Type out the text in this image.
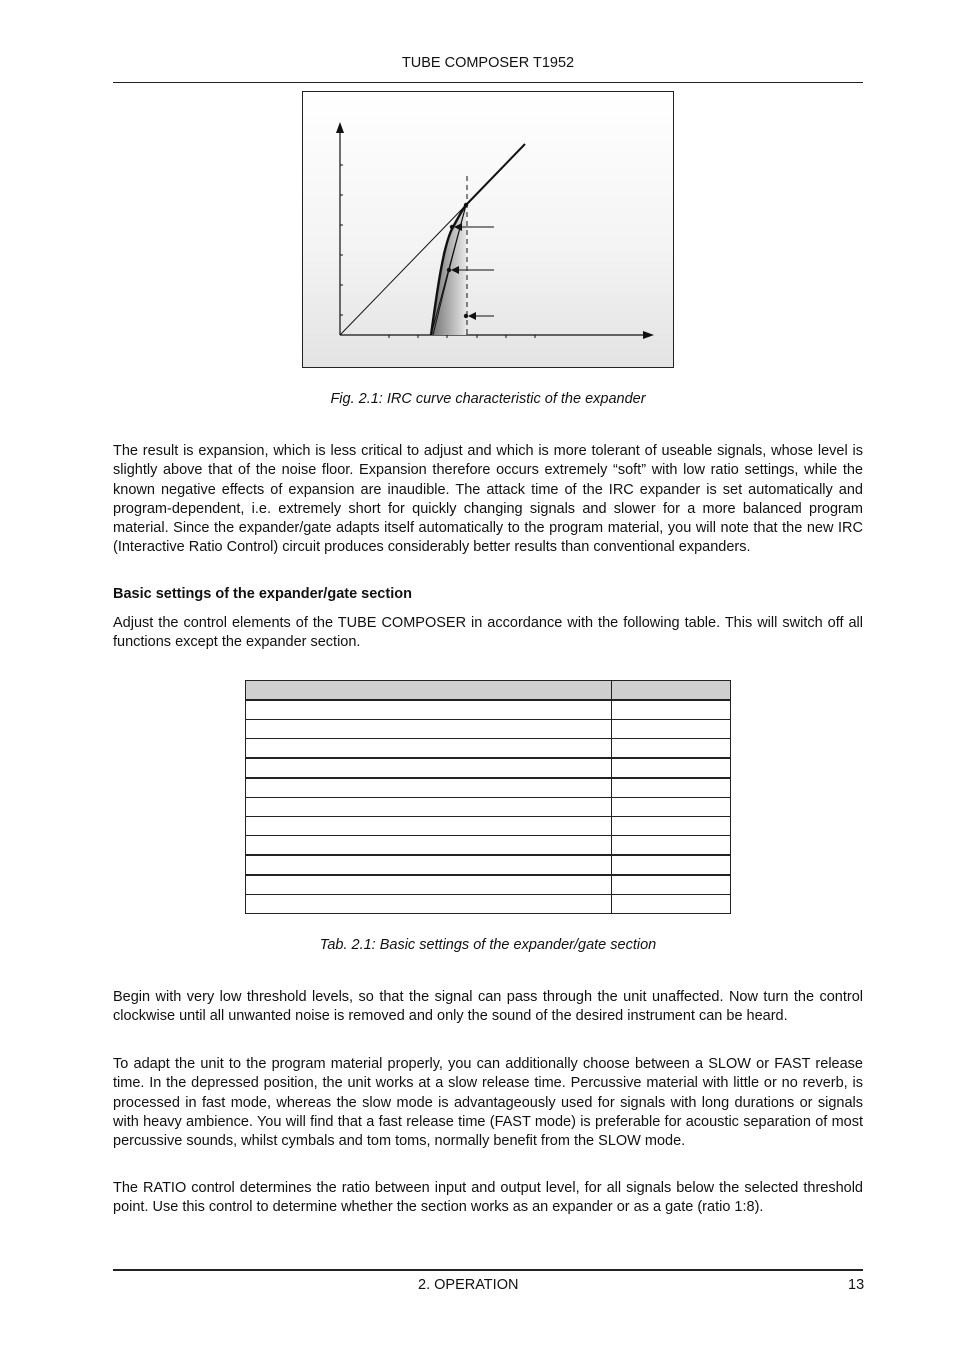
TUBE COMPOSER T1952
Fig. 2.1: IRC curve characteristic of the expander

The result is expansion, which is less critical to adjust and which is more tolerant of useable signals, whose level is slightly above that of the noise floor. Expansion therefore occurs extremely “soft” with low ratio settings, while the known negative effects of expansion are inaudible. The attack time of the IRC expander is set automatically and program-dependent, i.e. extremely short for quickly changing signals and slower for a more balanced program material. Since the expander/gate adapts itself automatically to the program material, you will note that the new IRC (Interactive Ratio Control) circuit produces considerably better results than conventional expanders.

Basic settings of the expander/gate section

Adjust the control elements of the TUBE COMPOSER in accordance with the following table. This will switch off all functions except the expander section.

Tab. 2.1: Basic settings of the expander/gate section

Begin with very low threshold levels, so that the signal can pass through the unit unaffected. Now turn the control clockwise until all unwanted noise is removed and only the sound of the desired instrument can be heard.

To adapt the unit to the program material properly, you can additionally choose between a SLOW or FAST release time. In the depressed position, the unit works at a slow release time. Percussive material with little or no reverb, is processed in fast mode, whereas the slow mode is advantageously used for signals with long durations or signals with heavy ambience. You will find that a fast release time (FAST mode) is preferable for acoustic separation of most percussive sounds, whilst cymbals and tom toms, normally benefit from the SLOW mode.

The RATIO control determines the ratio between input and output level, for all signals below the selected threshold point. Use this control to determine whether the section works as an expander or as a gate (ratio 1:8).

2. OPERATION	13
